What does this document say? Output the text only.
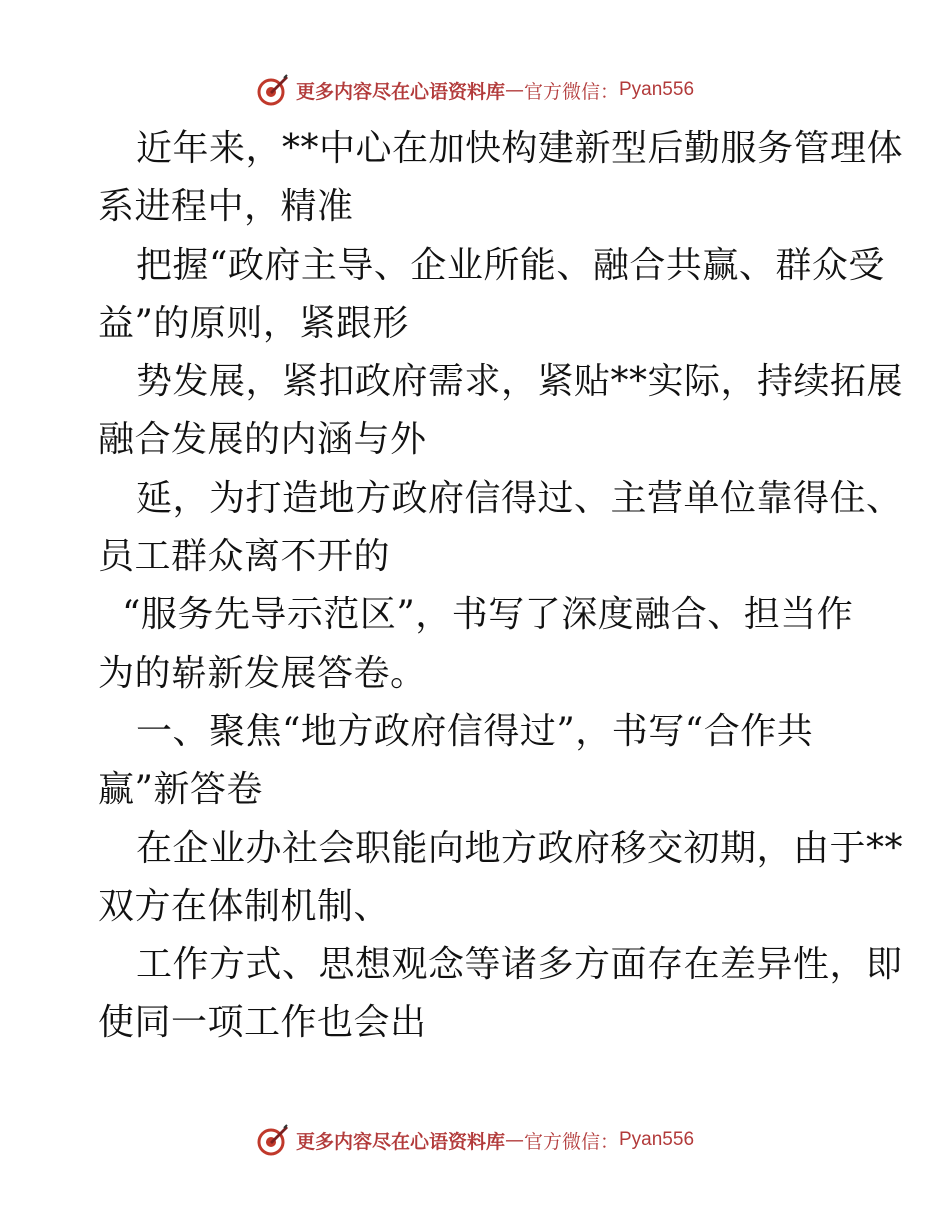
更多内容尽在心语资料库 — 官方微信： Pyan556
近年来，**中心在加快构建新型后勤服务管理体
系进程中，精准
把握“政府主导、企业所能、融合共赢、群众受
益”的原则，紧跟形
势发展，紧扣政府需求，紧贴**实际，持续拓展
融合发展的内涵与外
延，为打造地方政府信得过、主营单位靠得住、
员工群众离不开的
“服务先导示范区”，书写了深度融合、担当作
为的崭新发展答卷。
一、聚焦“地方政府信得过”，书写“合作共
赢”新答卷
在企业办社会职能向地方政府移交初期，由于**
双方在体制机制、
工作方式、思想观念等诸多方面存在差异性，即
使同一项工作也会出
更多内容尽在心语资料库 — 官方微信： Pyan556
